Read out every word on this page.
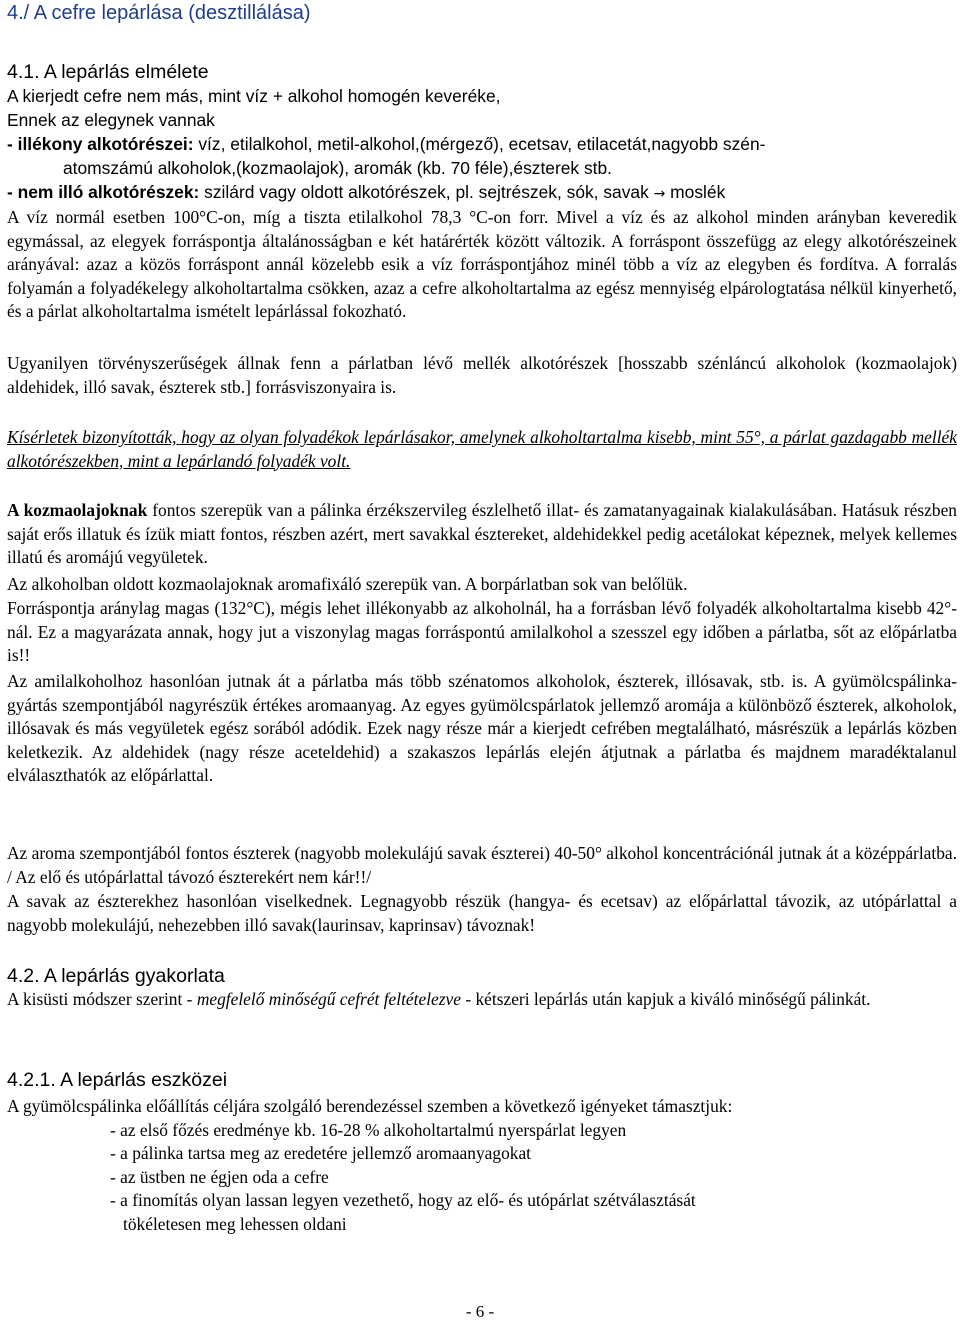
4./ A cefre lepárlása (desztillálása)
4.1. A lepárlás elmélete

A kierjedt cefre nem más, mint víz + alkohol homogén keveréke,

Ennek az elegynek vannak

- illékony alkotórészei: víz, etilalkohol, metil-alkohol,(mérgező), ecetsav, etilacetát,nagyobb szén-

atomszámú alkoholok,(kozmaolajok), aromák (kb. 70 féle),észterek stb.

- nem illó alkotórészek: szilárd vagy oldott alkotórészek, pl. sejtrészek, sók, savak → moslék

A víz normál esetben 100°C-on, míg a tiszta etilalkohol 78,3 °C-on forr. Mivel a víz és az alkohol minden arányban keveredik egymással, az elegyek forráspontja általánosságban e két határérték között változik. A forráspont összefügg az elegy alkotórészeinek arányával: azaz a közös forráspont annál közelebb esik a víz forráspontjához minél több a víz az elegyben és fordítva. A forralás folyamán a folyadékelegy alkoholtartalma csökken, azaz a cefre alkoholtartalma az egész mennyiség elpárologtatása nélkül kinyerhető, és a párlat alkoholtartalma ismételt lepárlással fokozható.

Ugyanilyen törvényszerűségek állnak fenn a párlatban lévő mellék alkotórészek [hosszabb szénláncú alkoholok (kozmaolajok) aldehidek, illó savak, észterek stb.] forrásviszonyaira is.

Kísérletek bizonyították, hogy az olyan folyadékok lepárlásakor, amelynek alkoholtartalma kisebb, mint 55°, a párlat gazdagabb mellék alkotórészekben, mint a lepárlandó folyadék volt.

A kozmaolajoknak fontos szerepük van a pálinka érzékszervileg észlelhető illat- és zamatanyagainak kialakulásában. Hatásuk részben saját erős illatuk és ízük miatt fontos, részben azért, mert savakkal észtereket, aldehidekkel pedig acetálokat képeznek, melyek kellemes illatú és aromájú vegyületek.

Az alkoholban oldott kozmaolajoknak aromafixáló szerepük van. A borpárlatban sok van belőlük.

Forráspontja aránylag magas (132°C), mégis lehet illékonyabb az alkoholnál, ha a forrásban lévő folyadék alkoholtartalma kisebb 42°-nál. Ez a magyarázata annak, hogy jut a viszonylag magas forráspontú amilalkohol a szesszel egy időben a párlatba, sőt az előpárlatba is!!

Az amilalkoholhoz hasonlóan jutnak át a párlatba más több szénatomos alkoholok, észterek, illósavak, stb. is. A gyümölcspálinka-gyártás szempontjából nagyrészük értékes aromaanyag. Az egyes gyümölcspárlatok jellemző aromája a különböző észterek, alkoholok, illósavak és más vegyületek egész sorából adódik. Ezek nagy része már a kierjedt cefrében megtalálható, másrészük a lepárlás közben keletkezik. Az aldehidek (nagy része aceteldehid) a szakaszos lepárlás elején átjutnak a párlatba és majdnem maradéktalanul elválaszthatók az előpárlattal.

Az aroma szempontjából fontos észterek (nagyobb molekulájú savak észterei) 40-50° alkohol koncentrációnál jutnak át a középpárlatba. / Az elő és utópárlattal távozó észterekért nem kár!!/

A savak az észterekhez hasonlóan viselkednek. Legnagyobb részük (hangya- és ecetsav) az előpárlattal távozik, az utópárlattal a nagyobb molekulájú, nehezebben illó savak(laurinsav, kaprinsav) távoznak!

4.2. A lepárlás gyakorlata

A kisüsti módszer szerint - megfelelő minőségű cefrét feltételezve - kétszeri lepárlás után kapjuk a kiváló minőségű pálinkát.

4.2.1. A lepárlás eszközei

A gyümölcspálinka előállítás céljára szolgáló berendezéssel szemben a következő igényeket támasztjuk:

- az első főzés eredménye kb. 16-28 % alkoholtartalmú nyerspárlat legyen

- a pálinka tartsa meg az eredetére jellemző aromaanyagokat

- az üstben ne égjen oda a cefre

- a finomítás olyan lassan legyen vezethető, hogy az elő- és utópárlat szétválasztását

tökéletesen meg lehessen oldani

- 6 -
